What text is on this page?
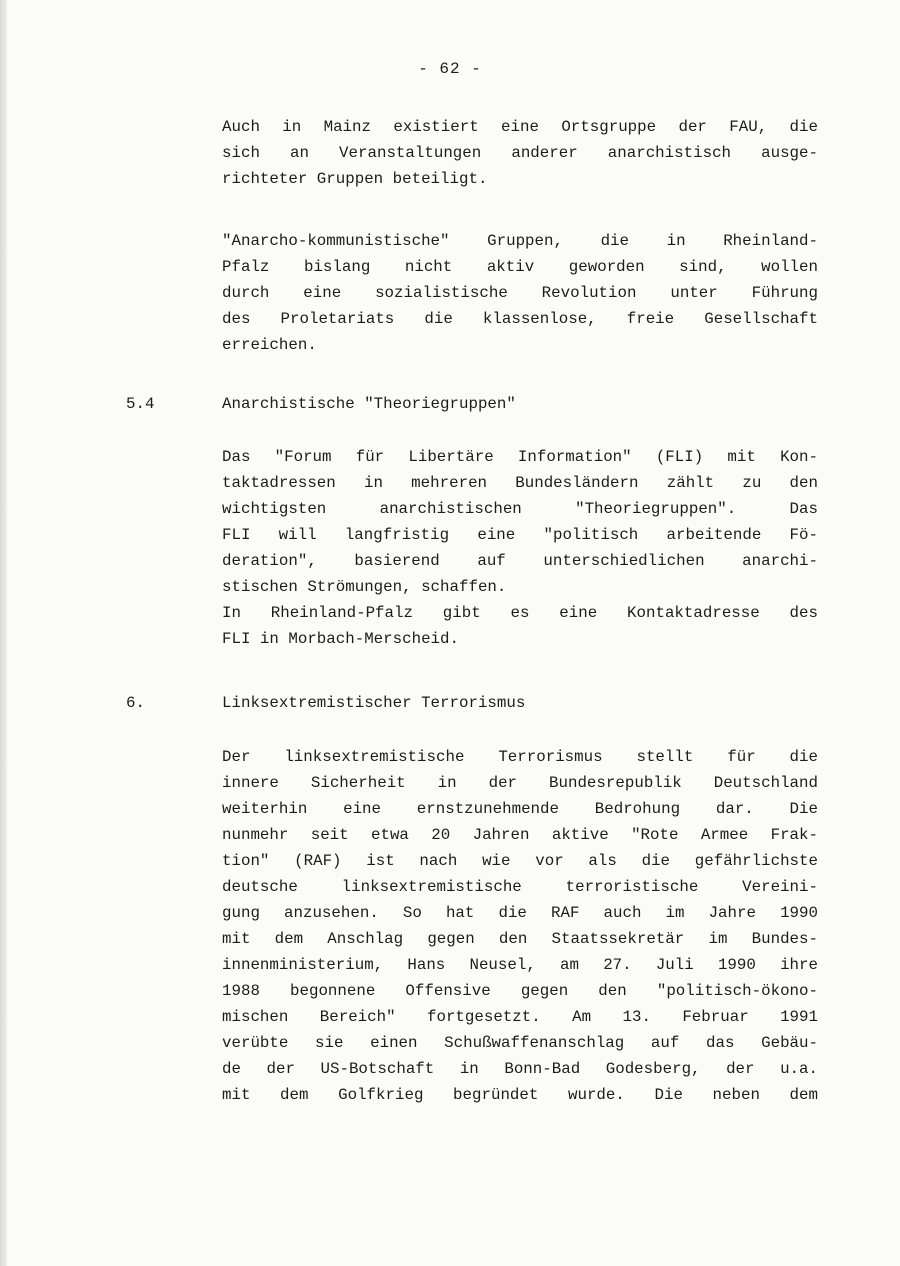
- 62 -
Auch in Mainz existiert eine Ortsgruppe der FAU, die
sich an Veranstaltungen anderer anarchistisch ausge-
richteter Gruppen beteiligt.
"Anarcho-kommunistische" Gruppen, die in Rheinland-
Pfalz bislang nicht aktiv geworden sind, wollen
durch eine sozialistische Revolution unter Führung
des Proletariats die klassenlose, freie Gesellschaft
erreichen.
5.4	Anarchistische "Theoriegruppen"
Das "Forum für Libertäre Information" (FLI) mit Kon-
taktadressen in mehreren Bundesländern zählt zu den
wichtigsten anarchistischen "Theoriegruppen". Das
FLI will langfristig eine "politisch arbeitende Fö-
deration", basierend auf unterschiedlichen anarchi-
stischen Strömungen, schaffen.
In Rheinland-Pfalz gibt es eine Kontaktadresse des
FLI in Morbach-Merscheid.
6.	Linksextremistischer Terrorismus
Der linksextremistische Terrorismus stellt für die
innere Sicherheit in der Bundesrepublik Deutschland
weiterhin eine ernstzunehmende Bedrohung dar. Die
nunmehr seit etwa 20 Jahren aktive "Rote Armee Frak-
tion" (RAF) ist nach wie vor als die gefährlichste
deutsche linksextremistische terroristische Vereini-
gung anzusehen. So hat die RAF auch im Jahre 1990
mit dem Anschlag gegen den Staatssekretär im Bundes-
innenministerium, Hans Neusel, am 27. Juli 1990 ihre
1988 begonnene Offensive gegen den "politisch-ökono-
mischen Bereich" fortgesetzt. Am 13. Februar 1991
verübte sie einen Schußwaffenanschlag auf das Gebäu-
de der US-Botschaft in Bonn-Bad Godesberg, der u.a.
mit dem Golfkrieg begründet wurde. Die neben dem
